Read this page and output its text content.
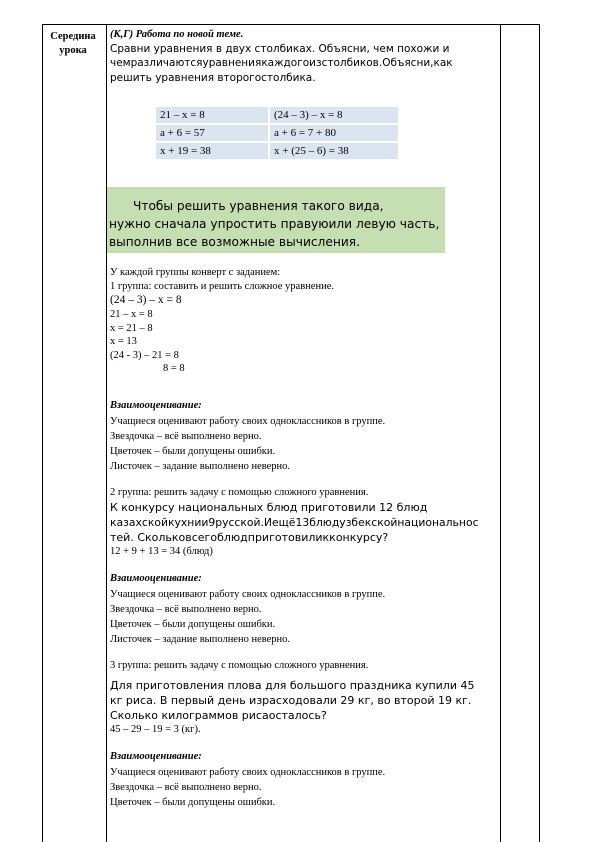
Середина
урока

(К,Г) Работа по новой теме.

Сравни уравнения в двух столбиках. Объясни, чем похожи и

чемразличаютсяуравнениякаждогоизстолбиков.Объясни,как

решить уравнения второгостолбика.

21 – x = 8	(24 – 3) – x = 8
a + 6 = 57	a + 6 = 7 + 80
x + 19 = 38	x + (25 – 6) = 38

Чтобы решить уравнения такого вида,

нужно сначала упростить правуюили левую часть,

выполнив все возможные вычисления.

У каждой группы конверт с заданием:

1 группа: составить и решить сложное уравнение.

(24 – 3) – x = 8

21 – x = 8

x = 21 – 8

x = 13

(24 - 3) – 21 = 8

8 = 8

Взаимооценивание:

Учащиеся оценивают работу своих одноклассников в группе.

Звездочка – всё выполнено верно.

Цветочек – были допущены ошибки.

Листочек – задание выполнено неверно.

2 группа: решить задачу с помощью сложного уравнения.

К конкурсу национальных блюд приготовили 12 блюд

казахскойкухнии9русской.Иещё13блюдузбекскойнациональнос

тей. Скольковсегоблюдприготовиликконкурсу?

12 + 9 + 13 = 34 (блюд)

Взаимооценивание:

Учащиеся оценивают работу своих одноклассников в группе.

Звездочка – всё выполнено верно.

Цветочек – были допущены ошибки.

Листочек – задание выполнено неверно.

3 группа: решить задачу с помощью сложного уравнения.

Для приготовления плова для большого праздника купили 45

кг риса. В первый день израсходовали 29 кг, во второй 19 кг.

Сколько килограммов рисаосталось?

45 – 29 – 19 = 3 (кг).

Взаимооценивание:

Учащиеся оценивают работу своих одноклассников в группе.

Звездочка – всё выполнено верно.

Цветочек – были допущены ошибки.
